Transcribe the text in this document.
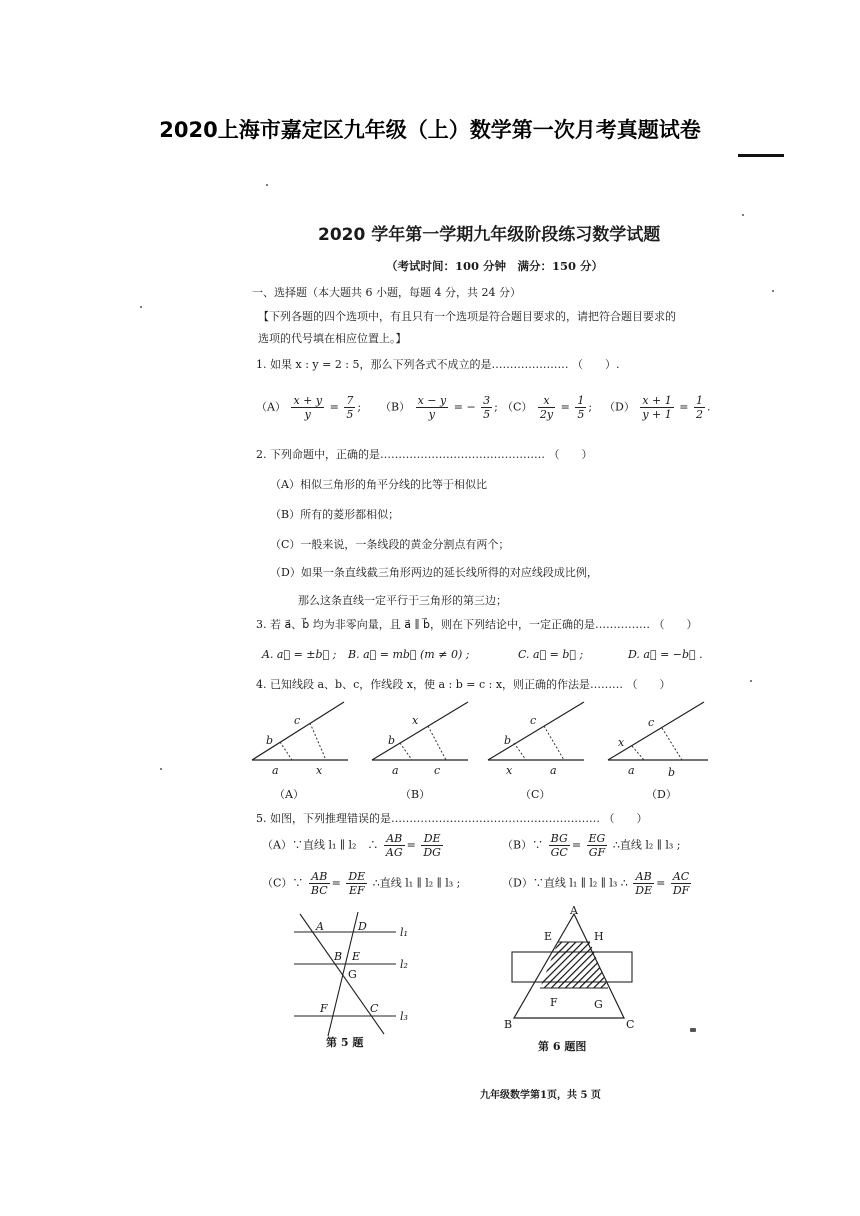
2020上海市嘉定区九年级（上）数学第一次月考真题试卷
2020 学年第一学期九年级阶段练习数学试题
（考试时间：100 分钟　满分：150 分）
一、选择题（本大题共 6 小题，每题 4 分，共 24 分）
【下列各题的四个选项中，有且只有一个选项是符合题目要求的，请把符合题目要求的
选项的代号填在相应位置上。】
1. 如果 x : y = 2 : 5，那么下列各式不成立的是………………… （　　）.
$(A) \frac{x + y}{y} = \frac{7}{5}$ ; $(B) \frac{x - y}{y}$ = − $\frac{3}{5}$ ; $(C) \frac{x}{2y} = \frac{1}{5}$ ; $(D) \frac{x + 1}{y + 1} = \frac{1}{2}$ .
2. 下列命题中，正确的是……………………………………… （　　）
（A）相似三角形的角平分线的比等于相似比
（B）所有的菱形都相似；
（C）一般来说，一条线段的黄金分割点有两个；
（D）如果一条直线截三角形两边的延长线所得的对应线段成比例，
那么这条直线一定平行于三角形的第三边；
3. 若 a⃗、b⃗ 均为非零向量，且 a⃗ ∥ b⃗，则在下列结论中，一定正确的是…………… （　　）
A. a⃗ = ±b⃗ ; B. a⃗ = mb⃗ (m ≠ 0) ;	C. a⃗ = b⃗ ;	D. a⃗ = −b⃗ .
4. 已知线段 a、b、c，作线段 x，使 a : b = c : x，则正确的作法是……… （　　）
b
c
a	x
（A）
b
x
a	c
（B）
b
c
x	a
（C）
x
c
a	b
（D）
5. 如图，下列推理错误的是………………………………………………… （　　）
（A）∵直线 l₁ ∥ l₂　∴ $\frac{AB}{AG} = \frac{DE}{DG}$	（B）∵ $\frac{BG}{GC} = \frac{EG}{GF}$ ∴直线 l₂ ∥ l₃ ;
（C）∵ $\frac{AB}{BC} = \frac{DE}{EF}$ ∴直线 l₁ ∥ l₂ ∥ l₃ ;	（D）∵直线 l₁ ∥ l₂ ∥ l₃ ∴ $\frac{AB}{DE} = \frac{AC}{DF}$
A	D
B E
G
F	C
l₁
l₂
l₃
第 5 题
A
E	H
F	G
B	C
第 6 题图
九年级数学第1页，共 5 页
